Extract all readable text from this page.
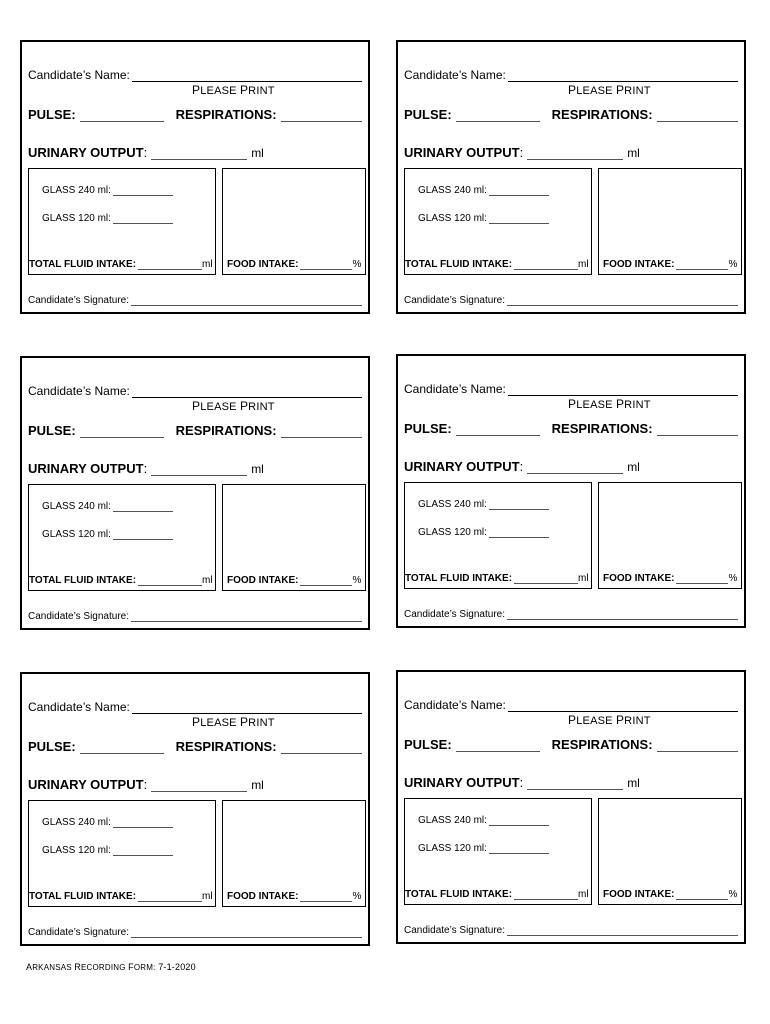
Candidate’s Name:
PLEASE PRINT
PULSE:	RESPIRATIONS:
URINARY OUTPUT :	ml
GLASS 240 ml:
GLASS 120 ml:
TOTAL FLUID INTAKE:	ml FOOD INTAKE:	%
Candidate’s Signature:
Candidate’s Name:
PLEASE PRINT
PULSE:	RESPIRATIONS:
URINARY OUTPUT :	ml
GLASS 240 ml:
GLASS 120 ml:
TOTAL FLUID INTAKE:	ml FOOD INTAKE:	%
Candidate’s Signature:
Candidate’s Name:
PLEASE PRINT
PULSE:	RESPIRATIONS:
URINARY OUTPUT :	ml
GLASS 240 ml:
GLASS 120 ml:
TOTAL FLUID INTAKE:	ml FOOD INTAKE:	%
Candidate’s Signature:
Candidate’s Name:
PLEASE PRINT
PULSE:	RESPIRATIONS:
URINARY OUTPUT :	ml
GLASS 240 ml:
GLASS 120 ml:
TOTAL FLUID INTAKE:	ml FOOD INTAKE:	%
Candidate’s Signature:
Candidate’s Name:
PLEASE PRINT
PULSE:	RESPIRATIONS:
URINARY OUTPUT :	ml
GLASS 240 ml:
GLASS 120 ml:
TOTAL FLUID INTAKE:	ml FOOD INTAKE:	%
Candidate’s Signature:
Candidate’s Name:
PLEASE PRINT
PULSE:	RESPIRATIONS:
URINARY OUTPUT :	ml
GLASS 240 ml:
GLASS 120 ml:
TOTAL FLUID INTAKE:	ml FOOD INTAKE:	%
Candidate’s Signature:
ARKANSAS RECORDING FORM: 7-1-2020
